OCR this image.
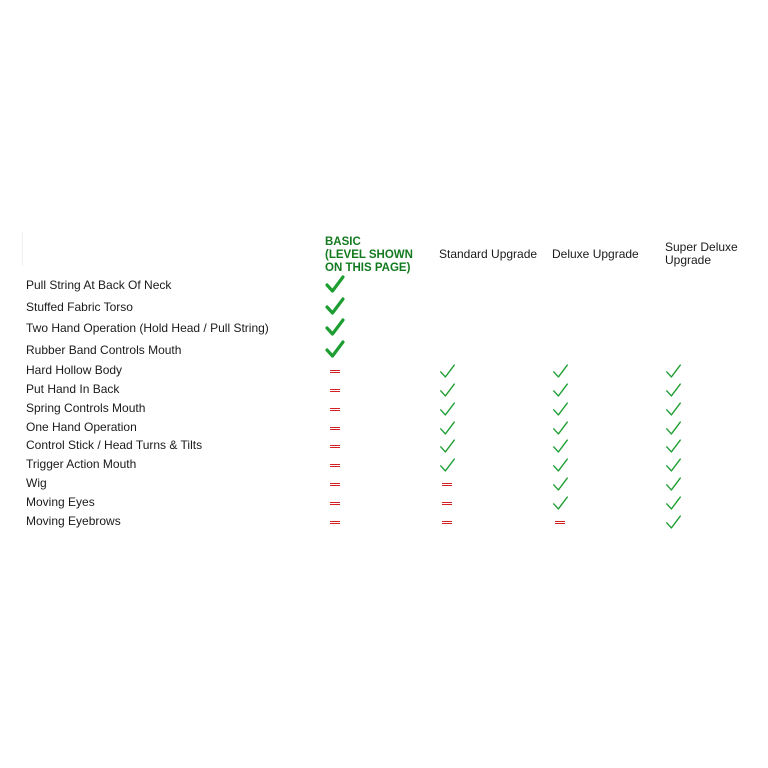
BASIC
(LEVEL SHOWN
ON THIS PAGE)
Standard Upgrade Deluxe Upgrade Super Deluxe
Upgrade
Pull String At Back Of Neck
Stuffed Fabric Torso
Two Hand Operation (Hold Head / Pull String)
Rubber Band Controls Mouth
Hard Hollow Body
Put Hand In Back
Spring Controls Mouth
One Hand Operation
Control Stick / Head Turns & Tilts
Trigger Action Mouth
Wig
Moving Eyes
Moving Eyebrows
